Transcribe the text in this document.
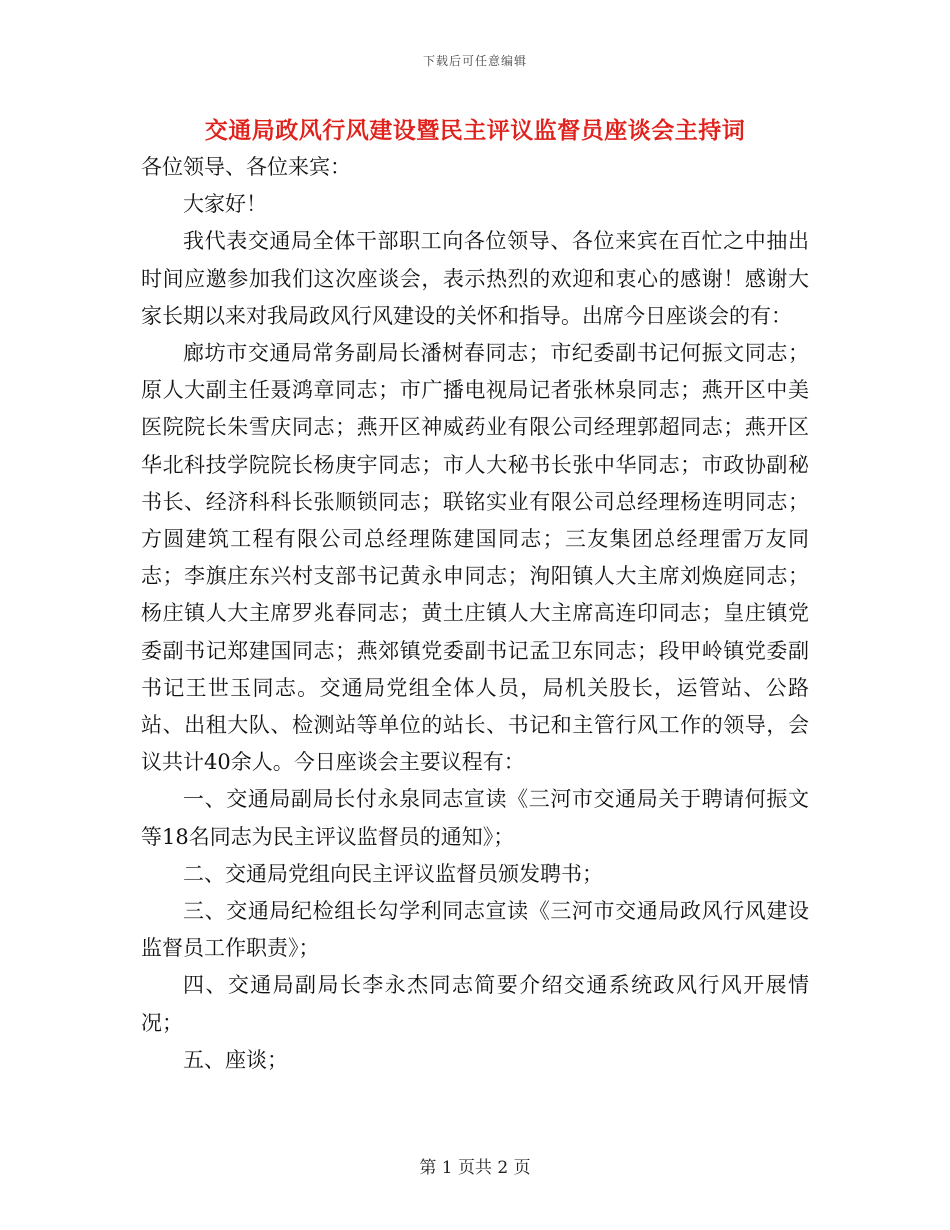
下载后可任意编辑
交通局政风行风建设暨民主评议监督员座谈会主持词

各位领导、各位来宾：

大家好！

我代表交通局全体干部职工向各位领导、各位来宾在百忙之中抽出时间应邀参加我们这次座谈会，表示热烈的欢迎和衷心的感谢！感谢大家长期以来对我局政风行风建设的关怀和指导。出席今日座谈会的有：

廊坊市交通局常务副局长潘树春同志；市纪委副书记何振文同志；原人大副主任聂鸿章同志；市广播电视局记者张林泉同志；燕开区中美医院院长朱雪庆同志；燕开区神威药业有限公司经理郭超同志；燕开区华北科技学院院长杨庚宇同志；市人大秘书长张中华同志；市政协副秘书长、经济科科长张顺锁同志；联铭实业有限公司总经理杨连明同志；方圆建筑工程有限公司总经理陈建国同志；三友集团总经理雷万友同志；李旗庄东兴村支部书记黄永申同志；洵阳镇人大主席刘焕庭同志；杨庄镇人大主席罗兆春同志；黄土庄镇人大主席高连印同志；皇庄镇党委副书记郑建国同志；燕郊镇党委副书记孟卫东同志；段甲岭镇党委副书记王世玉同志。交通局党组全体人员，局机关股长，运管站、公路站、出租大队、检测站等单位的站长、书记和主管行风工作的领导，会议共计40余人。今日座谈会主要议程有：

一、交通局副局长付永泉同志宣读《三河市交通局关于聘请何振文等18名同志为民主评议监督员的通知》；

二、交通局党组向民主评议监督员颁发聘书；

三、交通局纪检组长勾学利同志宣读《三河市交通局政风行风建设监督员工作职责》；

四、交通局副局长李永杰同志简要介绍交通系统政风行风开展情况；

五、座谈；

第 1 页共 2 页
